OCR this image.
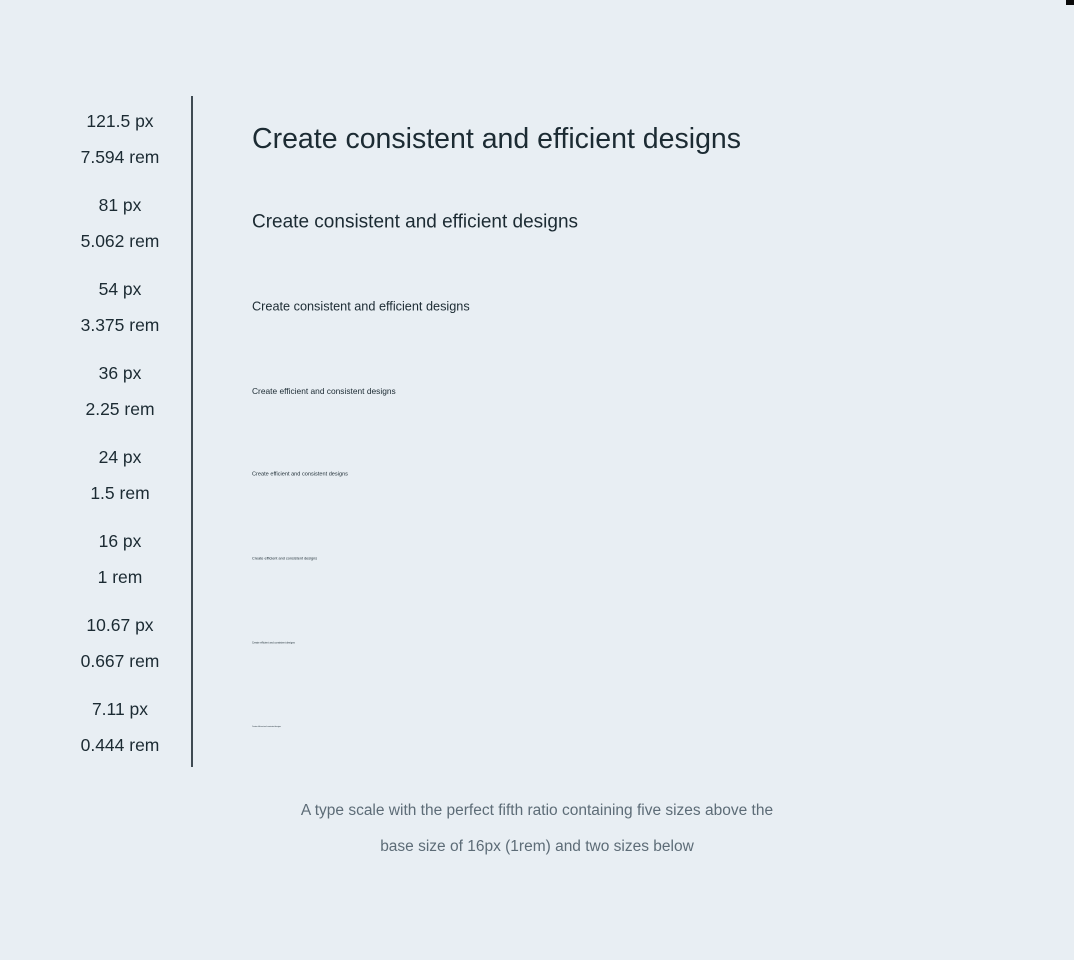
121.5 px
7.594 rem
Create consistent and efficient designs
81 px
5.062 rem
Create consistent and efficient designs
54 px
3.375 rem
Create consistent and efficient designs
36 px
2.25 rem
Create efficient and consistent designs
24 px
1.5 rem
Create efficient and consistent designs
16 px
1 rem
Create efficient and consistent designs
10.67 px
0.667 rem
Create efficient and consistent designs
7.11 px
0.444 rem
Create efficient and consistent designs
A type scale with the perfect fifth ratio containing five sizes above the
base size of 16px (1rem) and two sizes below
